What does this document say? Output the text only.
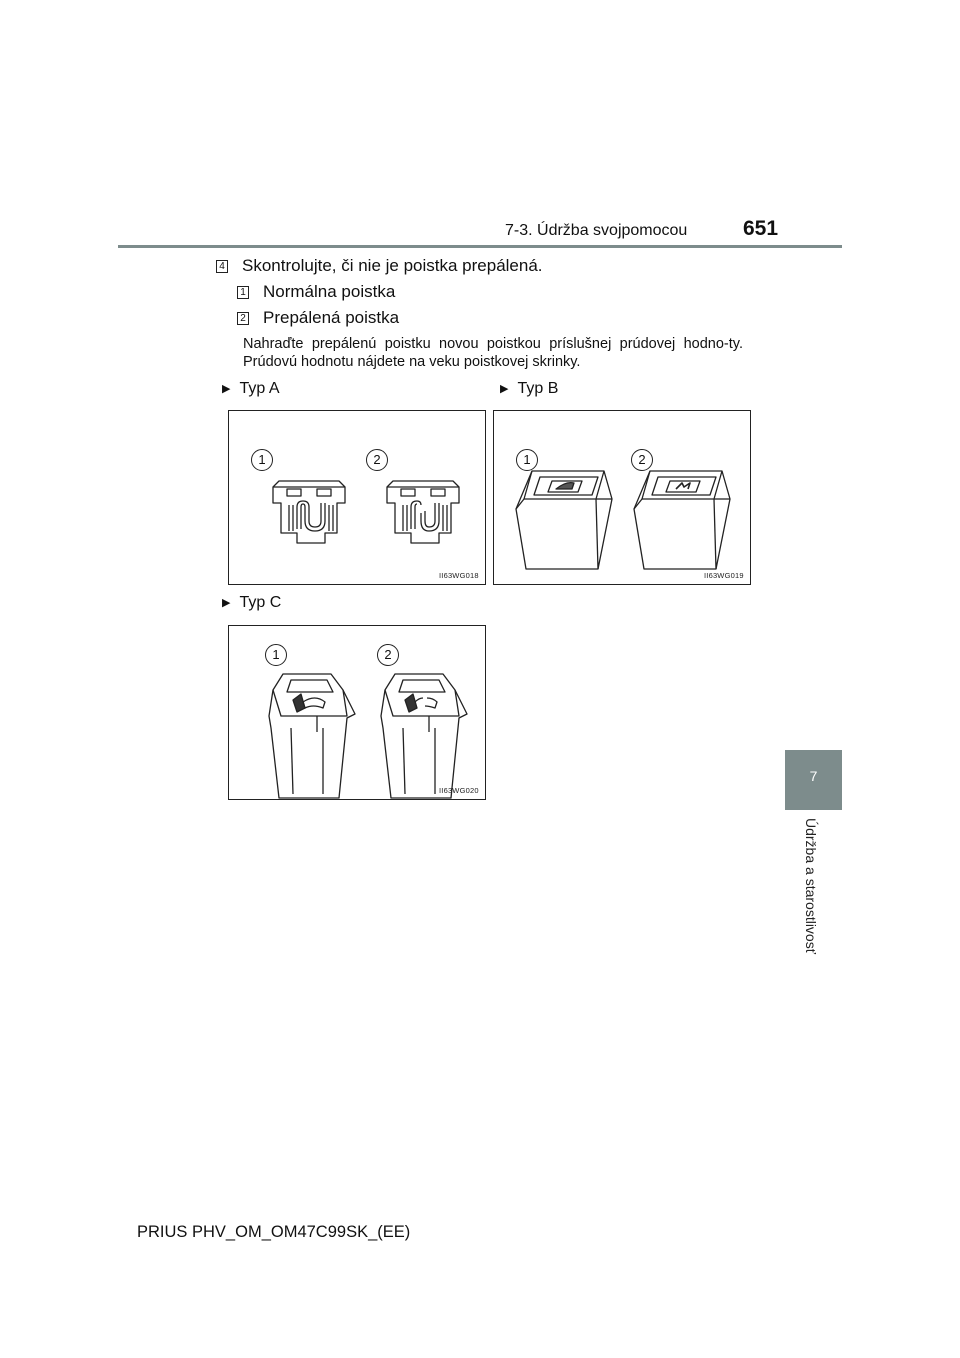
7-3. Údržba svojpomocou	651
7
Údržba a starostlivosť
4 Skontrolujte, či nie je poistka prepálená.
1 Normálna poistka
2 Prepálená poistka
Nahraďte prepálenú poistku novou poistkou príslušnej prúdovej hodno-ty. Prúdovú hodnotu nájdete na veku poistkovej skrinky.
▶ Typ A	▶ Typ B
▶ Typ C
1	2
II63WG018
1	2
II63WG019
1	2
II63WG020
PRIUS PHV_OM_OM47C99SK_(EE)
